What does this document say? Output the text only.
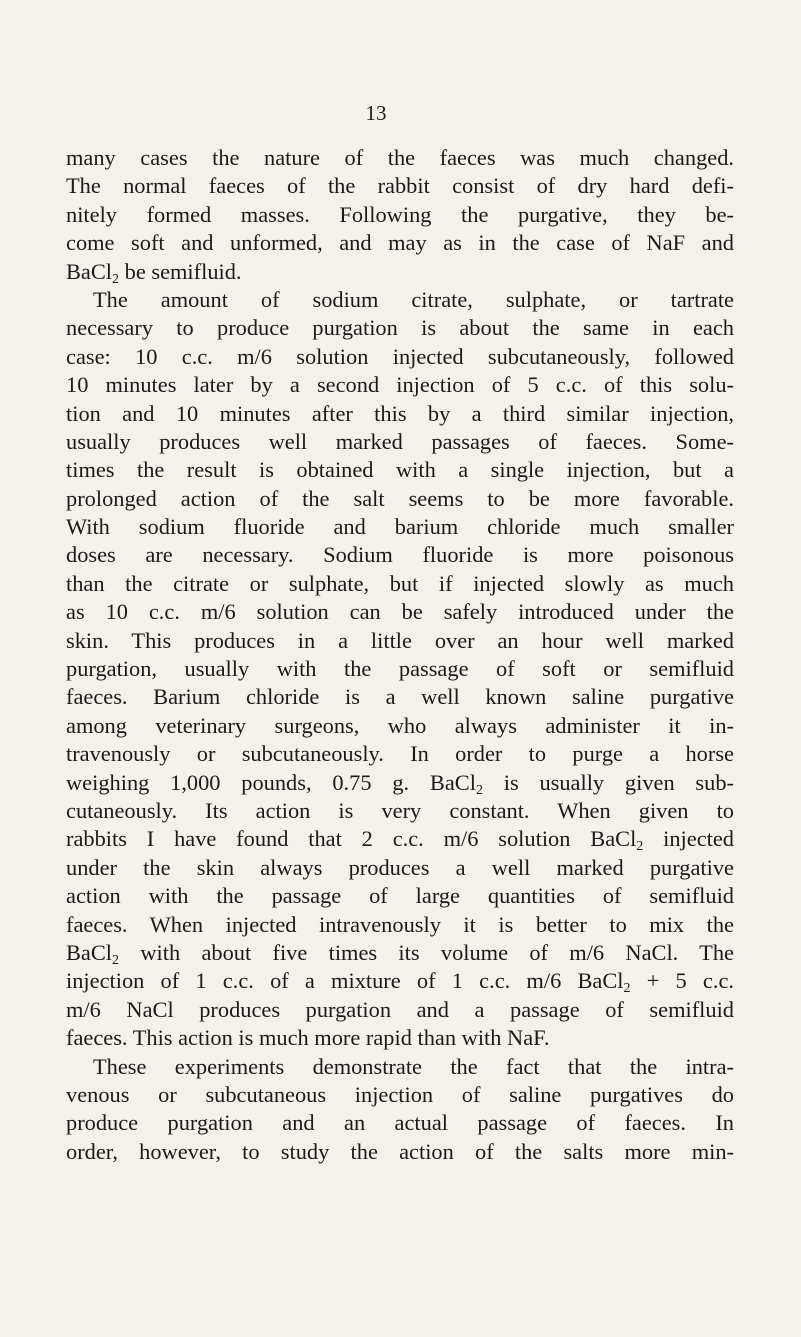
13
many cases the nature of the faeces was much changed.
The normal faeces of the rabbit consist of dry hard defi-
nitely formed masses. Following the purgative, they be-
come soft and unformed, and may as in the case of NaF and
BaCl$_2$ be semifluid.
The amount of sodium citrate, sulphate, or tartrate
necessary to produce purgation is about the same in each
case: 10 c.c. m/6 solution injected subcutaneously, followed
10 minutes later by a second injection of 5 c.c. of this solu-
tion and 10 minutes after this by a third similar injection,
usually produces well marked passages of faeces. Some-
times the result is obtained with a single injection, but a
prolonged action of the salt seems to be more favorable.
With sodium fluoride and barium chloride much smaller
doses are necessary. Sodium fluoride is more poisonous
than the citrate or sulphate, but if injected slowly as much
as 10 c.c. m/6 solution can be safely introduced under the
skin. This produces in a little over an hour well marked
purgation, usually with the passage of soft or semifluid
faeces. Barium chloride is a well known saline purgative
among veterinary surgeons, who always administer it in-
travenously or subcutaneously. In order to purge a horse
weighing 1,000 pounds, 0.75 g. BaCl$_2$ is usually given sub-
cutaneously. Its action is very constant. When given to
rabbits I have found that 2 c.c. m/6 solution BaCl$_2$ injected
under the skin always produces a well marked purgative
action with the passage of large quantities of semifluid
faeces. When injected intravenously it is better to mix the
BaCl$_2$ with about five times its volume of m/6 NaCl. The
injection of 1 c.c. of a mixture of 1 c.c. m/6 BaCl$_2$ + 5 c.c.
m/6 NaCl produces purgation and a passage of semifluid
faeces. This action is much more rapid than with NaF.
These experiments demonstrate the fact that the intra-
venous or subcutaneous injection of saline purgatives do
produce purgation and an actual passage of faeces. In
order, however, to study the action of the salts more min-
